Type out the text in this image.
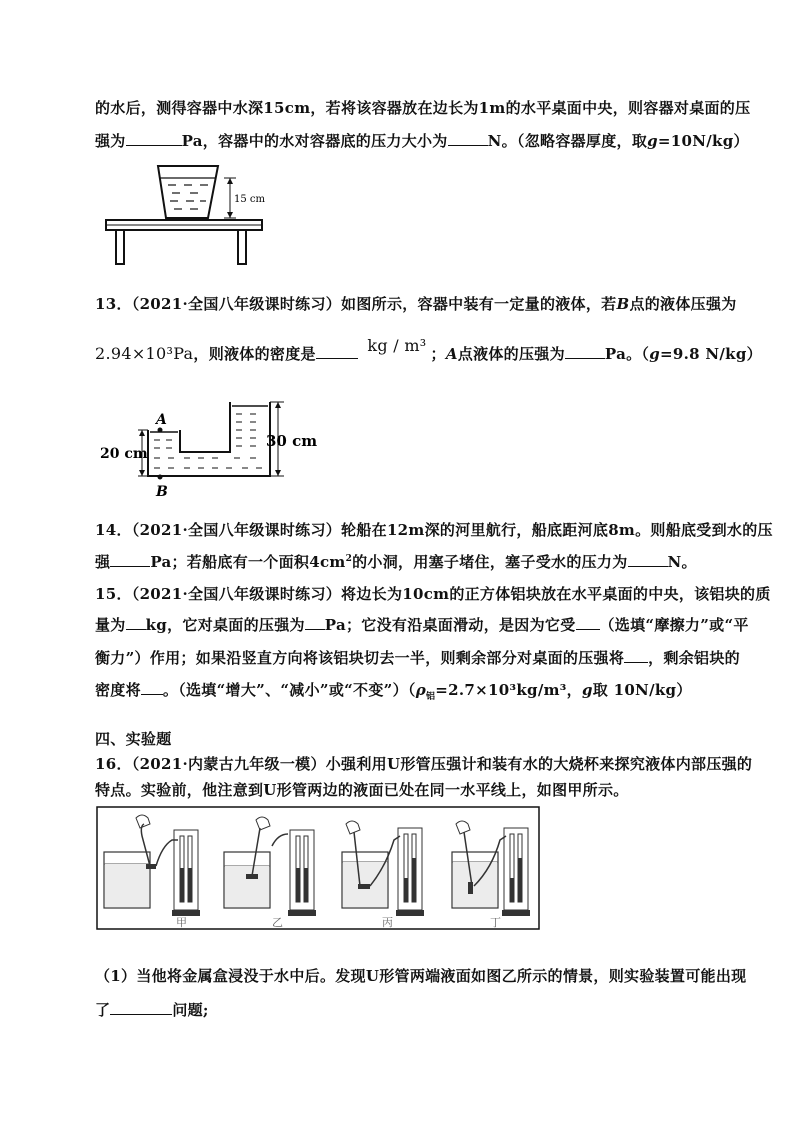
的水后，测得容器中水深15cm，若将该容器放在边长为1m的水平桌面中央，则容器对桌面的压
强为	Pa，容器中的水对容器底的压力大小为	N。（忽略容器厚度，取g=10N/kg）
15 cm
13．（2021·全国八年级课时练习）如图所示，容器中装有一定量的液体，若B点的液体压强为
2.94×10³Pa，则液体的密度是	kg / m³ ；A点液体的压强为	Pa。（g=9.8 N/kg）
A
B
20 cm
30 cm
14．（2021·全国八年级课时练习）轮船在12m深的河里航行，船底距河底8m。则船底受到水的压
强	Pa；若船底有一个面积$4cm^2$的小洞，用塞子堵住，塞子受水的压力为	N。
15．（2021·全国八年级课时练习）将边长为10cm的正方体铝块放在水平桌面的中央，该铝块的质
量为 kg，它对桌面的压强为 Pa；它没有沿桌面滑动，是因为它受 （选填“摩擦力”或“平
衡力”）作用；如果沿竖直方向将该铝块切去一半，则剩余部分对桌面的压强将 ，剩余铝块的
密度将 。（选填“增大”、“减小”或“不变$”)(\rho_铝=2.7\times 10^3kg/m^3$，g取 10N/kg）
四、实验题
16．（2021·内蒙古九年级一模）小强利用U形管压强计和装有水的大烧杯来探究液体内部压强的
特点。实验前，他注意到U形管两边的液面已处在同一水平线上，如图甲所示。
甲	乙	丙	丁
（1）当他将金属盒浸没于水中后。发现U形管两端液面如图乙所示的情景，则实验装置可能出现
了	问题;
